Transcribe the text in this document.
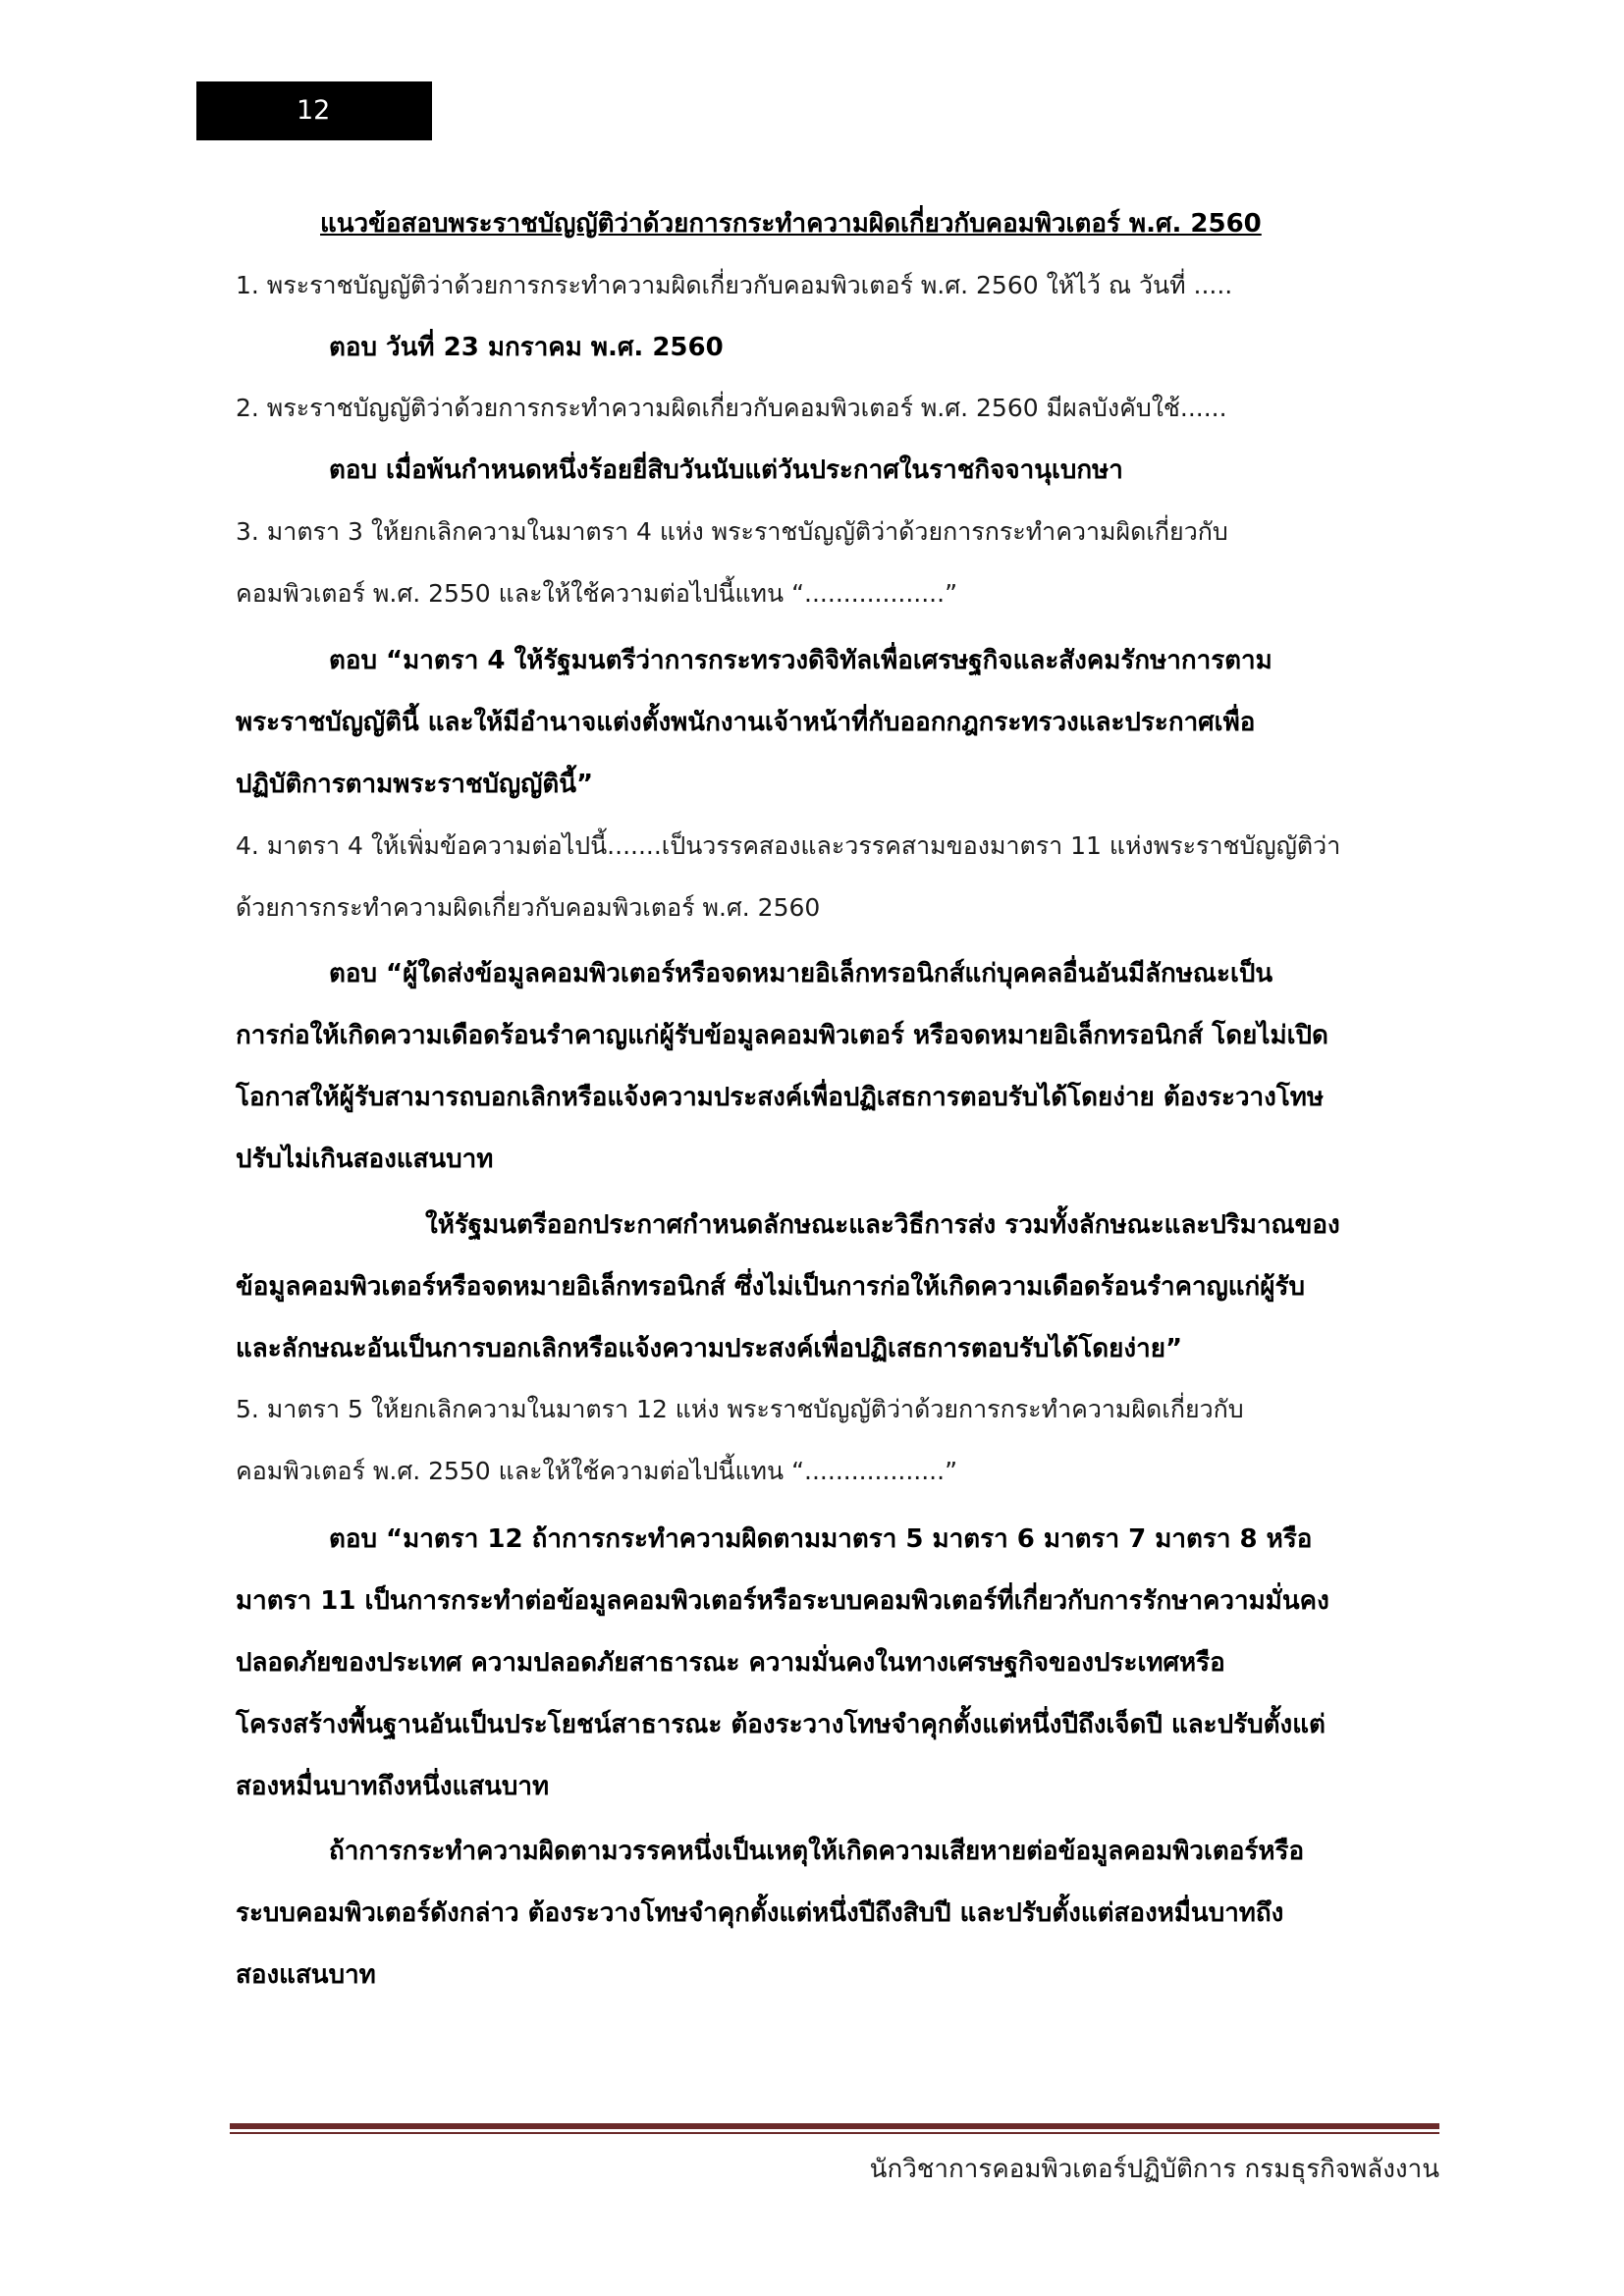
12
แนวข้อสอบพระราชบัญญัติว่าด้วยการกระทำความผิดเกี่ยวกับคอมพิวเตอร์ พ.ศ. 2560
1. พระราชบัญญัติว่าด้วยการกระทำความผิดเกี่ยวกับคอมพิวเตอร์ พ.ศ. 2560 ให้ไว้ ณ วันที่ .....
ตอบ วันที่ 23 มกราคม พ.ศ. 2560
2. พระราชบัญญัติว่าด้วยการกระทำความผิดเกี่ยวกับคอมพิวเตอร์ พ.ศ. 2560 มีผลบังคับใช้......
ตอบ เมื่อพ้นกำหนดหนึ่งร้อยยี่สิบวันนับแต่วันประกาศในราชกิจจานุเบกษา
3. มาตรา 3 ให้ยกเลิกความในมาตรา 4 แห่ง พระราชบัญญัติว่าด้วยการกระทำความผิดเกี่ยวกับ
คอมพิวเตอร์ พ.ศ. 2550 และให้ใช้ความต่อไปนี้แทน “..................”
ตอบ “มาตรา 4 ให้รัฐมนตรีว่าการกระทรวงดิจิทัลเพื่อเศรษฐกิจและสังคมรักษาการตาม
พระราชบัญญัตินี้ และให้มีอำนาจแต่งตั้งพนักงานเจ้าหน้าที่กับออกกฎกระทรวงและประกาศเพื่อ
ปฏิบัติการตามพระราชบัญญัตินี้”
4. มาตรา 4 ให้เพิ่มข้อความต่อไปนี้.......เป็นวรรคสองและวรรคสามของมาตรา 11 แห่งพระราชบัญญัติว่า
ด้วยการกระทำความผิดเกี่ยวกับคอมพิวเตอร์ พ.ศ. 2560
ตอบ “ผู้ใดส่งข้อมูลคอมพิวเตอร์หรือจดหมายอิเล็กทรอนิกส์แก่บุคคลอื่นอันมีลักษณะเป็น
การก่อให้เกิดความเดือดร้อนรำคาญแก่ผู้รับข้อมูลคอมพิวเตอร์ หรือจดหมายอิเล็กทรอนิกส์ โดยไม่เปิด
โอกาสให้ผู้รับสามารถบอกเลิกหรือแจ้งความประสงค์เพื่อปฏิเสธการตอบรับได้โดยง่าย ต้องระวางโทษ
ปรับไม่เกินสองแสนบาท
ให้รัฐมนตรีออกประกาศกำหนดลักษณะและวิธีการส่ง รวมทั้งลักษณะและปริมาณของ
ข้อมูลคอมพิวเตอร์หรือจดหมายอิเล็กทรอนิกส์ ซึ่งไม่เป็นการก่อให้เกิดความเดือดร้อนรำคาญแก่ผู้รับ
และลักษณะอันเป็นการบอกเลิกหรือแจ้งความประสงค์เพื่อปฏิเสธการตอบรับได้โดยง่าย”
5. มาตรา 5 ให้ยกเลิกความในมาตรา 12 แห่ง พระราชบัญญัติว่าด้วยการกระทำความผิดเกี่ยวกับ
คอมพิวเตอร์ พ.ศ. 2550 และให้ใช้ความต่อไปนี้แทน “..................”
ตอบ “มาตรา 12 ถ้าการกระทำความผิดตามมาตรา 5 มาตรา 6 มาตรา 7 มาตรา 8 หรือ
มาตรา 11 เป็นการกระทำต่อข้อมูลคอมพิวเตอร์หรือระบบคอมพิวเตอร์ที่เกี่ยวกับการรักษาความมั่นคง
ปลอดภัยของประเทศ ความปลอดภัยสาธารณะ ความมั่นคงในทางเศรษฐกิจของประเทศหรือ
โครงสร้างพื้นฐานอันเป็นประโยชน์สาธารณะ ต้องระวางโทษจำคุกตั้งแต่หนึ่งปีถึงเจ็ดปี และปรับตั้งแต่
สองหมื่นบาทถึงหนึ่งแสนบาท
ถ้าการกระทำความผิดตามวรรคหนึ่งเป็นเหตุให้เกิดความเสียหายต่อข้อมูลคอมพิวเตอร์หรือ
ระบบคอมพิวเตอร์ดังกล่าว ต้องระวางโทษจำคุกตั้งแต่หนึ่งปีถึงสิบปี และปรับตั้งแต่สองหมื่นบาทถึง
สองแสนบาท
นักวิชาการคอมพิวเตอร์ปฏิบัติการ กรมธุรกิจพลังงาน
